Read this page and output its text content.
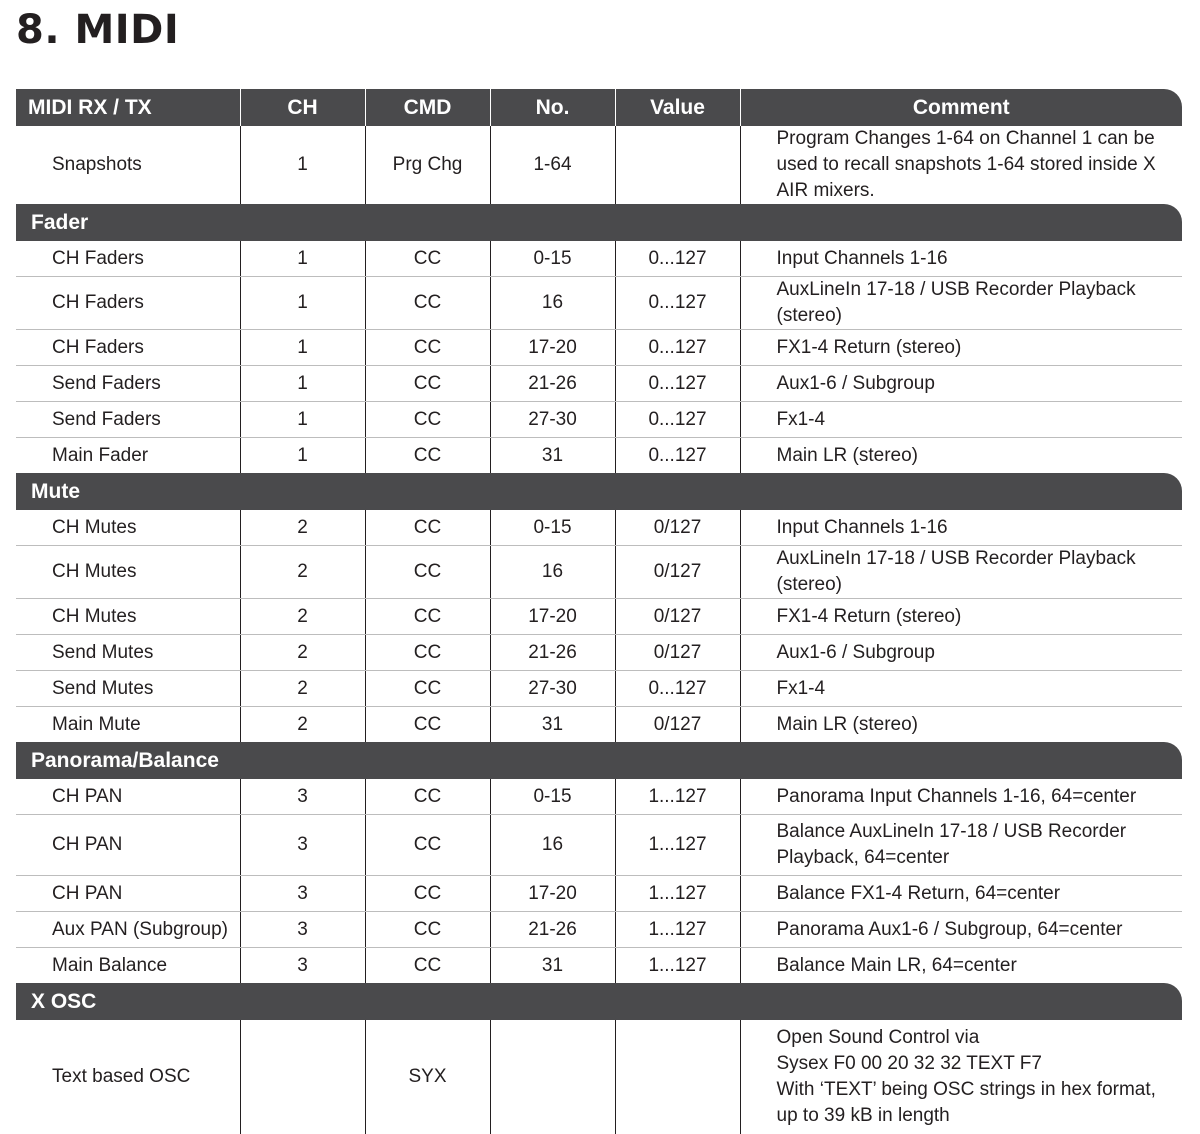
8. MIDI
MIDI RX / TX	CH	CMD	No.	Value	Comment
Snapshots	1	Prg Chg	1-64		Program Changes 1-64 on Channel 1 can be used to recall snapshots 1-64 stored inside X AIR mixers.
Fader					
CH Faders	1	CC	0-15	0...127	Input Channels 1-16
CH Faders	1	CC	16	0...127	AuxLineIn 17-18 / USB Recorder Playback (stereo)
CH Faders	1	CC	17-20	0...127	FX1-4 Return (stereo)
Send Faders	1	CC	21-26	0...127	Aux1-6 / Subgroup
Send Faders	1	CC	27-30	0...127	Fx1-4
Main Fader	1	CC	31	0...127	Main LR (stereo)
Mute					
CH Mutes	2	CC	0-15	0/127	Input Channels 1-16
CH Mutes	2	CC	16	0/127	AuxLineIn 17-18 / USB Recorder Playback (stereo)
CH Mutes	2	CC	17-20	0/127	FX1-4 Return (stereo)
Send Mutes	2	CC	21-26	0/127	Aux1-6 / Subgroup
Send Mutes	2	CC	27-30	0...127	Fx1-4
Main Mute	2	CC	31	0/127	Main LR (stereo)
Panorama/Balance					
CH PAN	3	CC	0-15	1...127	Panorama Input Channels 1-16, 64=center
CH PAN	3	CC	16	1...127	Balance AuxLineIn 17-18 / USB Recorder Playback, 64=center
CH PAN	3	CC	17-20	1...127	Balance FX1-4 Return, 64=center
Aux PAN (Subgroup)	3	CC	21-26	1...127	Panorama Aux1-6 / Subgroup, 64=center
Main Balance	3	CC	31	1...127	Balance Main LR, 64=center
X OSC					
Text based OSC		SYX			Open Sound Control via
Sysex F0 00 20 32 32 TEXT F7
With ‘TEXT’ being OSC strings in hex format, up to 39 kB in length
